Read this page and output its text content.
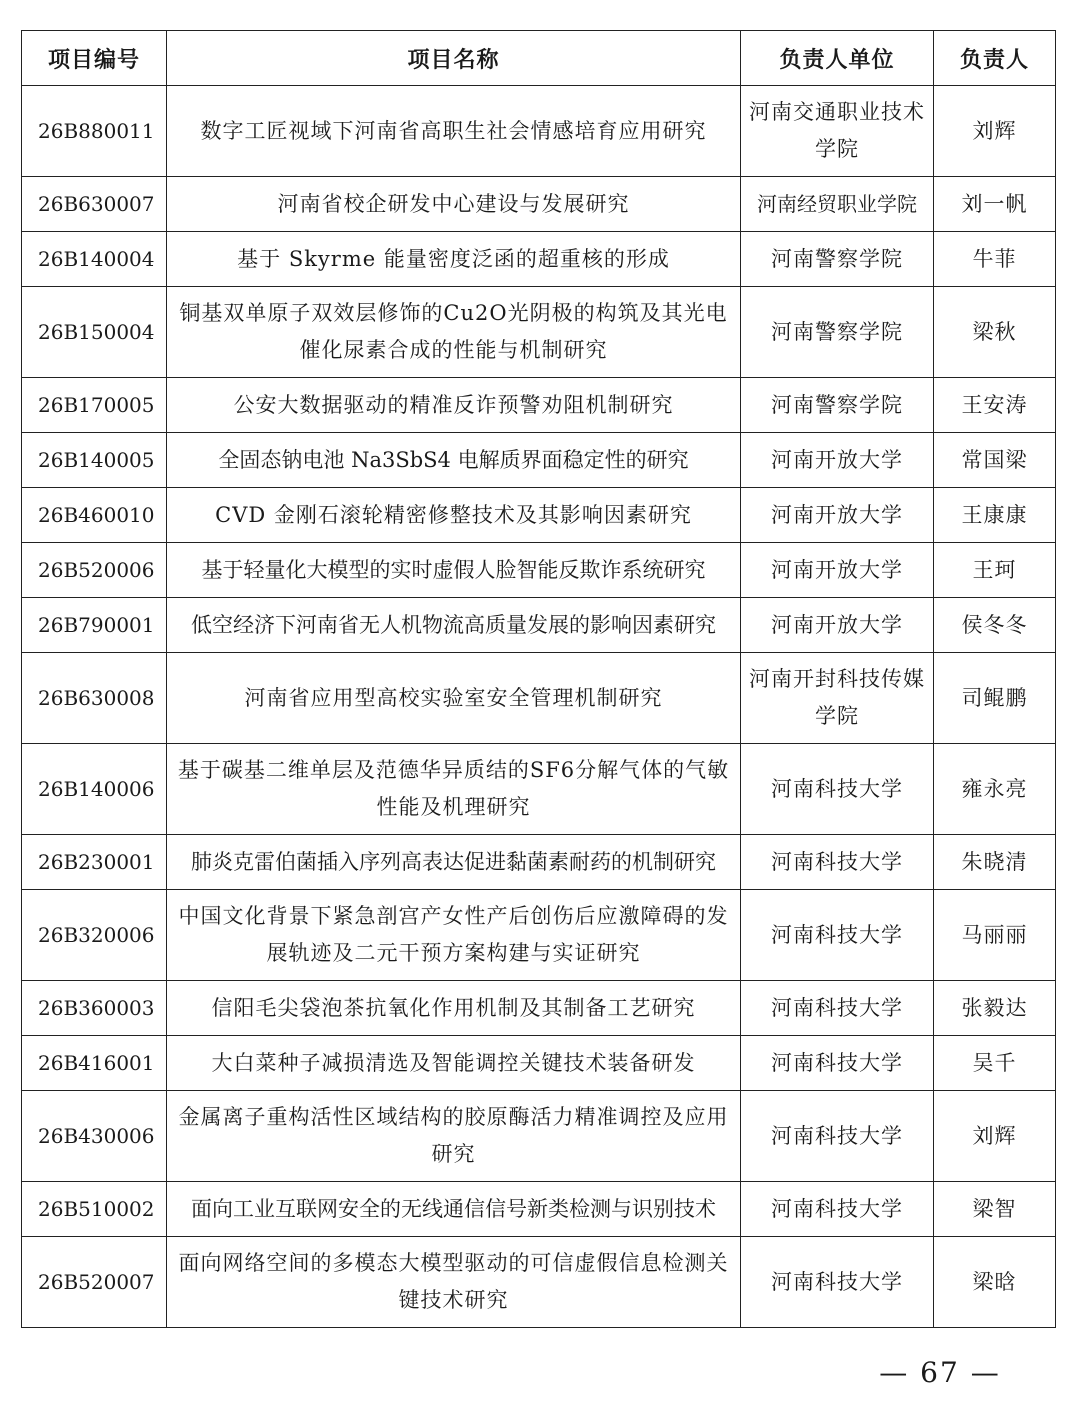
项目编号	项目名称	负责人单位	负责人
26B880011	数字工匠视域下河南省高职生社会情感培育应用研究	河南交通职业技术学院	刘辉
26B630007	河南省校企研发中心建设与发展研究	河南经贸职业学院	刘一帆
26B140004	基于 Skyrme 能量密度泛函的超重核的形成	河南警察学院	牛菲
26B150004	铜基双单原子双效层修饰的Cu2O光阴极的构筑及其光电催化尿素合成的性能与机制研究	河南警察学院	梁秋
26B170005	公安大数据驱动的精准反诈预警劝阻机制研究	河南警察学院	王安涛
26B140005	全固态钠电池 Na3SbS4 电解质界面稳定性的研究	河南开放大学	常国梁
26B460010	CVD 金刚石滚轮精密修整技术及其影响因素研究	河南开放大学	王康康
26B520006	基于轻量化大模型的实时虚假人脸智能反欺诈系统研究	河南开放大学	王珂
26B790001	低空经济下河南省无人机物流高质量发展的影响因素研究	河南开放大学	侯冬冬
26B630008	河南省应用型高校实验室安全管理机制研究	河南开封科技传媒学院	司鲲鹏
26B140006	基于碳基二维单层及范德华异质结的SF6分解气体的气敏性能及机理研究	河南科技大学	雍永亮
26B230001	肺炎克雷伯菌插入序列高表达促进黏菌素耐药的机制研究	河南科技大学	朱晓清
26B320006	中国文化背景下紧急剖宫产女性产后创伤后应激障碍的发展轨迹及二元干预方案构建与实证研究	河南科技大学	马丽丽
26B360003	信阳毛尖袋泡茶抗氧化作用机制及其制备工艺研究	河南科技大学	张毅达
26B416001	大白菜种子减损清选及智能调控关键技术装备研发	河南科技大学	吴千
26B430006	金属离子重构活性区域结构的胶原酶活力精准调控及应用研究	河南科技大学	刘辉
26B510002	面向工业互联网安全的无线通信信号新类检测与识别技术	河南科技大学	梁智
26B520007	面向网络空间的多模态大模型驱动的可信虚假信息检测关键技术研究	河南科技大学	梁晗
— 67 —
